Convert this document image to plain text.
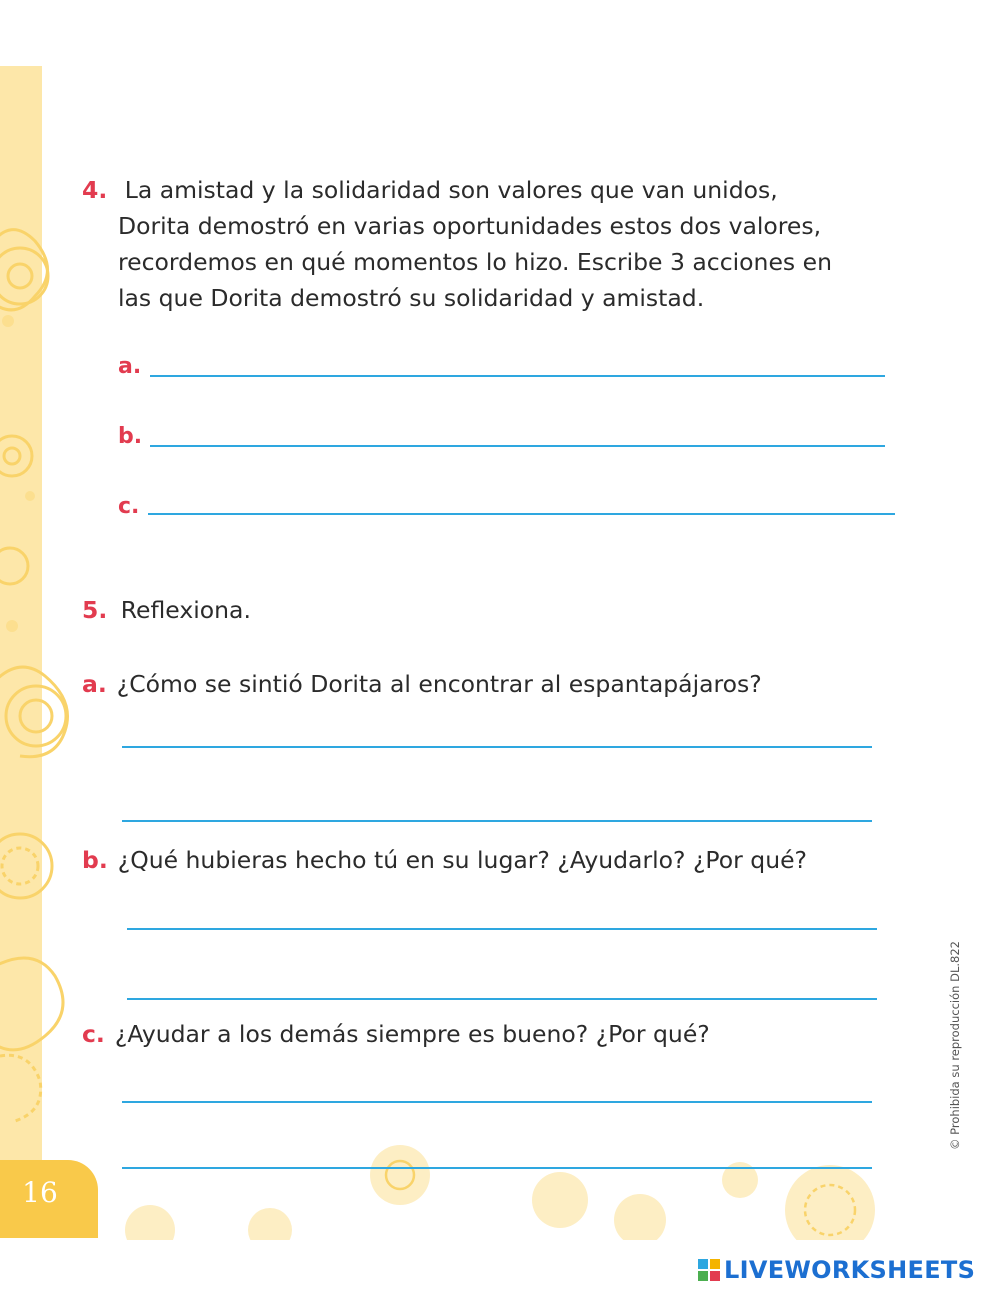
16
4. La amistad y la solidaridad son valores que van unidos,
Dorita demostró en varias oportunidades estos dos valores,
recordemos en qué momentos lo hizo. Escribe 3 acciones en
las que Dorita demostró su solidaridad y amistad.
a.
b.
c.
5. Reflexiona.
a. ¿Cómo se sintió Dorita al encontrar al espantapájaros?
b. ¿Qué hubieras hecho tú en su lugar? ¿Ayudarlo? ¿Por qué?
c. ¿Ayudar a los demás siempre es bueno? ¿Por qué?	© Prohibida su reproducción DL.822
LIVEWORKSHEETS
